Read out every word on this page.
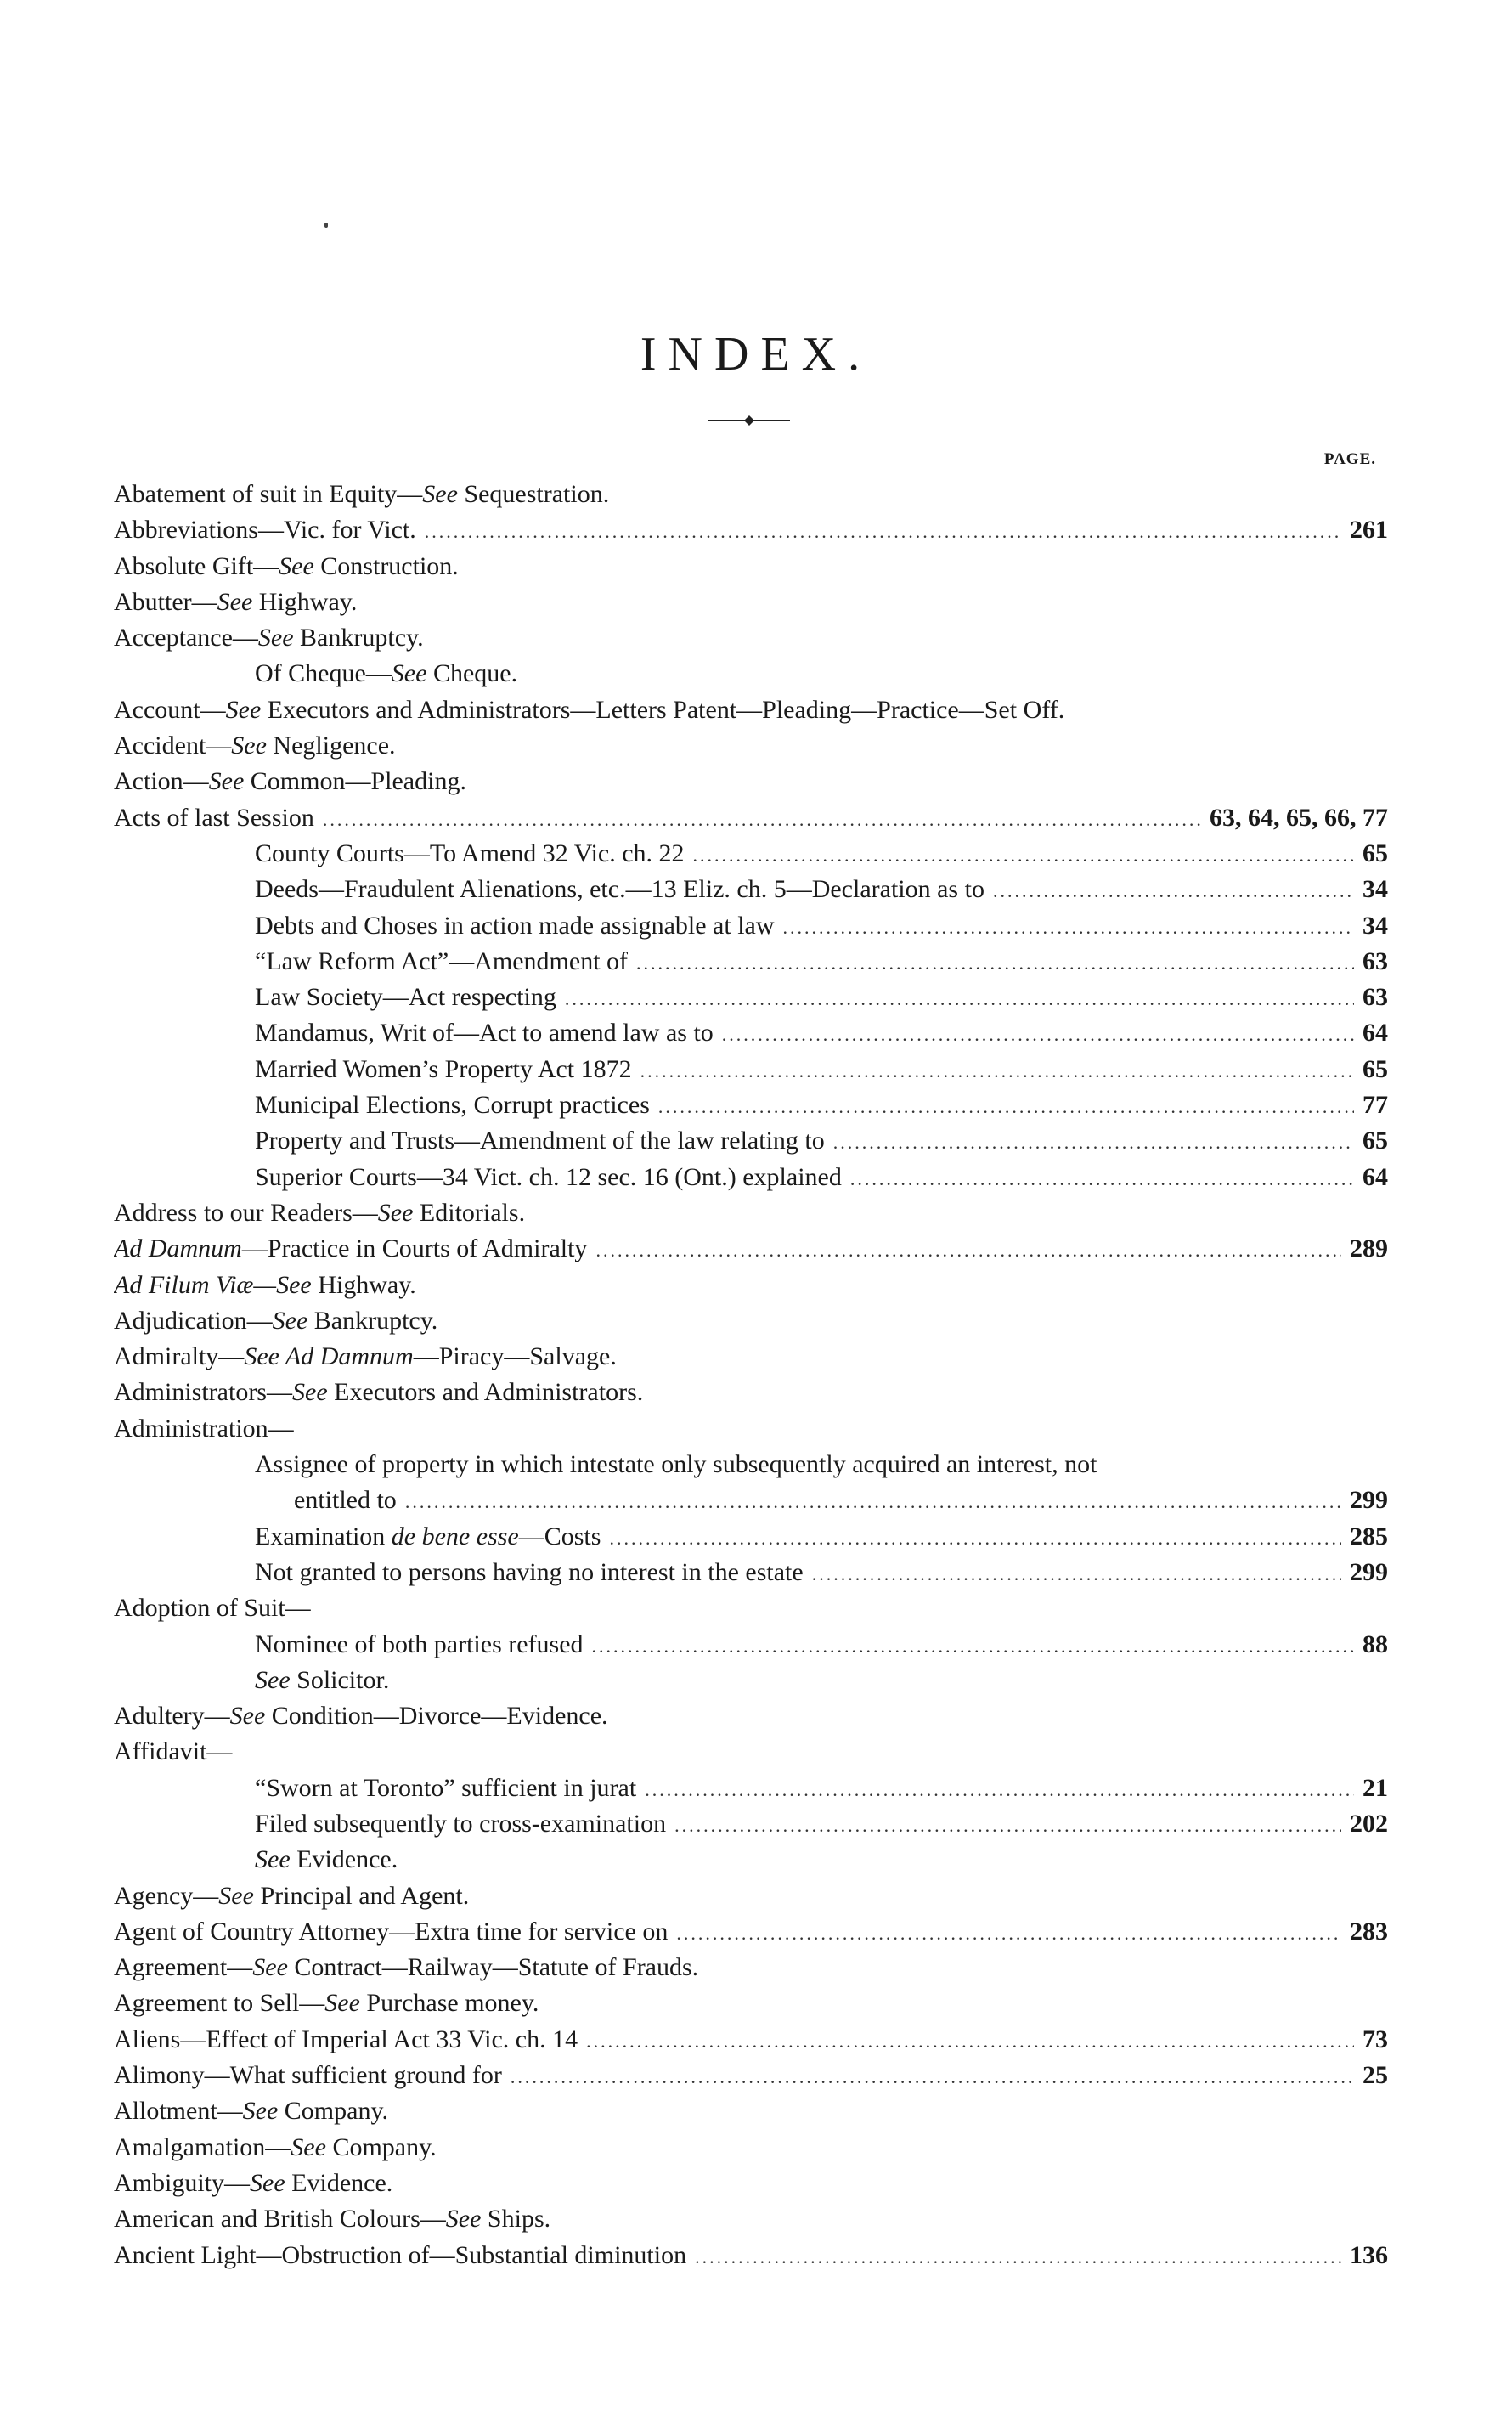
INDEX.
PAGE.
Abatement of suit in Equity—See Sequestration.
Abbreviations—Vic. for Vict. .....	261
Absolute Gift—See Construction.
Abutter—See Highway.
Acceptance—See Bankruptcy.
Of Cheque—See Cheque.
Account—See Executors and Administrators—Letters Patent—Pleading—Practice—Set Off.
Accident—See Negligence.
Action—See Common—Pleading.
Acts of last Session .....	63, 64, 65, 66, 77
County Courts—To Amend 32 Vic. ch. 22 .....	65
Deeds—Fraudulent Alienations, etc.—13 Eliz. ch. 5—Declaration as to .....	34
Debts and Choses in action made assignable at law .....	34
“Law Reform Act”—Amendment of .....	63
Law Society—Act respecting .....	63
Mandamus, Writ of—Act to amend law as to .....	64
Married Women’s Property Act 1872 .....	65
Municipal Elections, Corrupt practices .....	77
Property and Trusts—Amendment of the law relating to .....	65
Superior Courts—34 Vict. ch. 12 sec. 16 (Ont.) explained .....	64
Address to our Readers—See Editorials.
Ad Damnum—Practice in Courts of Admiralty .....	289
Ad Filum Viæ—See Highway.
Adjudication—See Bankruptcy.
Admiralty—See Ad Damnum—Piracy—Salvage.
Administrators—See Executors and Administrators.
Administration—
Assignee of property in which intestate only subsequently acquired an interest, not
entitled to .....	299
Examination de bene esse—Costs .....	285
Not granted to persons having no interest in the estate .....	299
Adoption of Suit—
Nominee of both parties refused .....	88
See Solicitor.
Adultery—See Condition—Divorce—Evidence.
Affidavit—
“Sworn at Toronto” sufficient in jurat .....	21
Filed subsequently to cross-examination .....	202
See Evidence.
Agency—See Principal and Agent.
Agent of Country Attorney—Extra time for service on .....	283
Agreement—See Contract—Railway—Statute of Frauds.
Agreement to Sell—See Purchase money.
Aliens—Effect of Imperial Act 33 Vic. ch. 14 .....	73
Alimony—What sufficient ground for .....	25
Allotment—See Company.
Amalgamation—See Company.
Ambiguity—See Evidence.
American and British Colours—See Ships.
Ancient Light—Obstruction of—Substantial diminution .....	136
